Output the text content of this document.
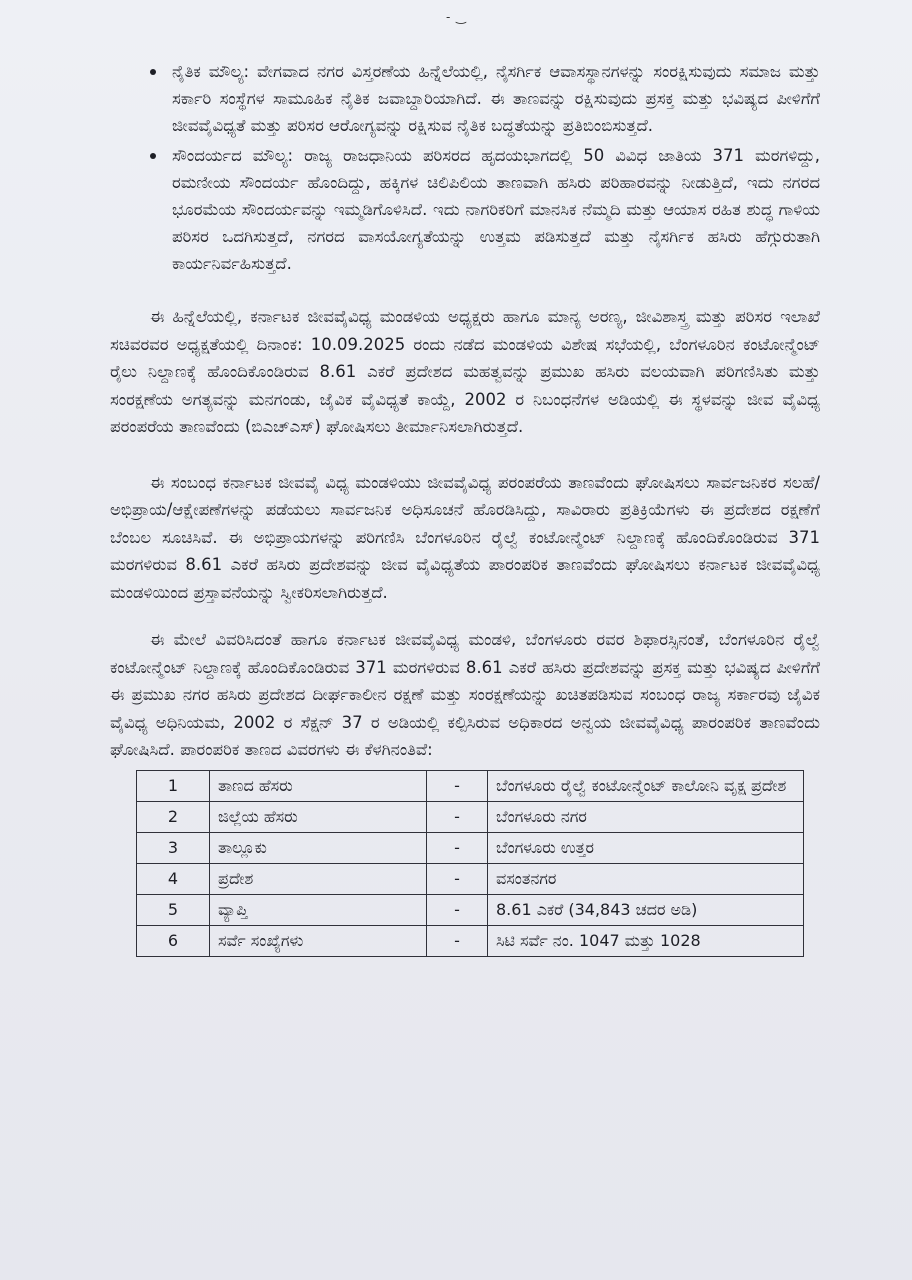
- ‿
ನೈತಿಕ ಮೌಲ್ಯ: ವೇಗವಾದ ನಗರ ವಿಸ್ತರಣೆಯ ಹಿನ್ನೆಲೆಯಲ್ಲಿ, ನೈಸರ್ಗಿಕ ಆವಾಸಸ್ಥಾನಗಳನ್ನು ಸಂರಕ್ಷಿಸುವುದು ಸಮಾಜ ಮತ್ತು ಸರ್ಕಾರಿ ಸಂಸ್ಥೆಗಳ ಸಾಮೂಹಿಕ ನೈತಿಕ ಜವಾಬ್ದಾರಿಯಾಗಿದೆ. ಈ ತಾಣವನ್ನು ರಕ್ಷಿಸುವುದು ಪ್ರಸಕ್ತ ಮತ್ತು ಭವಿಷ್ಯದ ಪೀಳಿಗೆಗೆ ಜೀವವೈವಿಧ್ಯತೆ ಮತ್ತು ಪರಿಸರ ಆರೋಗ್ಯವನ್ನು ರಕ್ಷಿಸುವ ನೈತಿಕ ಬದ್ಧತೆಯನ್ನು ಪ್ರತಿಬಿಂಬಿಸುತ್ತದೆ.
ಸೌಂದರ್ಯದ ಮೌಲ್ಯ: ರಾಜ್ಯ ರಾಜಧಾನಿಯ ಪರಿಸರದ ಹೃದಯಭಾಗದಲ್ಲಿ 50 ವಿವಿಧ ಜಾತಿಯ 371 ಮರಗಳಿದ್ದು, ರಮಣೀಯ ಸೌಂದರ್ಯ ಹೊಂದಿದ್ದು, ಹಕ್ಕಿಗಳ ಚಿಲಿಪಿಲಿಯ ತಾಣವಾಗಿ ಹಸಿರು ಪರಿಹಾರವನ್ನು ನೀಡುತ್ತಿದೆ, ಇದು ನಗರದ ಭೂರಮೆಯ ಸೌಂದರ್ಯವನ್ನು ಇಮ್ಮಡಿಗೊಳಿಸಿದೆ. ಇದು ನಾಗರಿಕರಿಗೆ ಮಾನಸಿಕ ನೆಮ್ಮದಿ ಮತ್ತು ಆಯಾಸ ರಹಿತ ಶುದ್ಧ ಗಾಳಿಯ ಪರಿಸರ ಒದಗಿಸುತ್ತದೆ, ನಗರದ ವಾಸಯೋಗ್ಯತೆಯನ್ನು ಉತ್ತಮ ಪಡಿಸುತ್ತದೆ ಮತ್ತು ನೈಸರ್ಗಿಕ ಹಸಿರು ಹೆಗ್ಗುರುತಾಗಿ ಕಾರ್ಯನಿರ್ವಹಿಸುತ್ತದೆ.

ಈ ಹಿನ್ನೆಲೆಯಲ್ಲಿ, ಕರ್ನಾಟಕ ಜೀವವೈವಿಧ್ಯ ಮಂಡಳಿಯ ಅಧ್ಯಕ್ಷರು ಹಾಗೂ ಮಾನ್ಯ ಅರಣ್ಯ, ಜೀವಿಶಾಸ್ತ್ರ ಮತ್ತು ಪರಿಸರ ಇಲಾಖೆ ಸಚಿವರವರ ಅಧ್ಯಕ್ಷತೆಯಲ್ಲಿ ದಿನಾಂಕ: 10.09.2025 ರಂದು ನಡೆದ ಮಂಡಳಿಯ ವಿಶೇಷ ಸಭೆಯಲ್ಲಿ, ಬೆಂಗಳೂರಿನ ಕಂಟೋನ್ಮೆಂಟ್ ರೈಲು ನಿಲ್ದಾಣಕ್ಕೆ ಹೊಂದಿಕೊಂಡಿರುವ 8.61 ಎಕರೆ ಪ್ರದೇಶದ ಮಹತ್ವವನ್ನು ಪ್ರಮುಖ ಹಸಿರು ವಲಯವಾಗಿ ಪರಿಗಣಿಸಿತು ಮತ್ತು ಸಂರಕ್ಷಣೆಯ ಅಗತ್ಯವನ್ನು ಮನಗಂಡು, ಜೈವಿಕ ವೈವಿಧ್ಯತೆ ಕಾಯ್ದೆ, 2002 ರ ನಿಬಂಧನೆಗಳ ಅಡಿಯಲ್ಲಿ ಈ ಸ್ಥಳವನ್ನು ಜೀವ ವೈವಿಧ್ಯ ಪರಂಪರೆಯ ತಾಣವೆಂದು (ಬಿಎಚ್‌ಎಸ್) ಘೋಷಿಸಲು ತೀರ್ಮಾನಿಸಲಾಗಿರುತ್ತದೆ.

ಈ ಸಂಬಂಧ ಕರ್ನಾಟಕ ಜೀವವೈ ವಿಧ್ಯ ಮಂಡಳಿಯು ಜೀವವೈವಿಧ್ಯ ಪರಂಪರೆಯ ತಾಣವೆಂದು ಘೋಷಿಸಲು ಸಾರ್ವಜನಿಕರ ಸಲಹೆ/ಅಭಿಪ್ರಾಯ/ಆಕ್ಷೇಪಣೆಗಳನ್ನು ಪಡೆಯಲು ಸಾರ್ವಜನಿಕ ಅಧಿಸೂಚನೆ ಹೊರಡಿಸಿದ್ದು, ಸಾವಿರಾರು ಪ್ರತಿಕ್ರಿಯೆಗಳು ಈ ಪ್ರದೇಶದ ರಕ್ಷಣೆಗೆ ಬೆಂಬಲ ಸೂಚಿಸಿವೆ. ಈ ಅಭಿಪ್ರಾಯಗಳನ್ನು ಪರಿಗಣಿಸಿ ಬೆಂಗಳೂರಿನ ರೈಲ್ವೆ ಕಂಟೋನ್ಮೆಂಟ್ ನಿಲ್ದಾಣಕ್ಕೆ ಹೊಂದಿಕೊಂಡಿರುವ 371 ಮರಗಳಿರುವ 8.61 ಎಕರೆ ಹಸಿರು ಪ್ರದೇಶವನ್ನು ಜೀವ ವೈವಿಧ್ಯತೆಯ ಪಾರಂಪರಿಕ ತಾಣವೆಂದು ಘೋಷಿಸಲು ಕರ್ನಾಟಕ ಜೀವವೈವಿಧ್ಯ ಮಂಡಳಿಯಿಂದ ಪ್ರಸ್ತಾವನೆಯನ್ನು ಸ್ವೀಕರಿಸಲಾಗಿರುತ್ತದೆ.

ಈ ಮೇಲೆ ವಿವರಿಸಿದಂತೆ ಹಾಗೂ ಕರ್ನಾಟಕ ಜೀವವೈವಿಧ್ಯ ಮಂಡಳಿ, ಬೆಂಗಳೂರು ರವರ ಶಿಫಾರಸ್ಸಿನಂತೆ, ಬೆಂಗಳೂರಿನ ರೈಲ್ವೆ ಕಂಟೋನ್ಮೆಂಟ್ ನಿಲ್ದಾಣಕ್ಕೆ ಹೊಂದಿಕೊಂಡಿರುವ 371 ಮರಗಳಿರುವ 8.61 ಎಕರೆ ಹಸಿರು ಪ್ರದೇಶವನ್ನು ಪ್ರಸಕ್ತ ಮತ್ತು ಭವಿಷ್ಯದ ಪೀಳಿಗೆಗೆ ಈ ಪ್ರಮುಖ ನಗರ ಹಸಿರು ಪ್ರದೇಶದ ದೀರ್ಘಕಾಲೀನ ರಕ್ಷಣೆ ಮತ್ತು ಸಂರಕ್ಷಣೆಯನ್ನು ಖಚಿತಪಡಿಸುವ ಸಂಬಂಧ ರಾಜ್ಯ ಸರ್ಕಾರವು ಜೈವಿಕ ವೈವಿಧ್ಯ ಅಧಿನಿಯಮ, 2002 ರ ಸೆಕ್ಷನ್ 37 ರ ಅಡಿಯಲ್ಲಿ ಕಲ್ಪಿಸಿರುವ ಅಧಿಕಾರದ ಅನ್ವಯ ಜೀವವೈವಿಧ್ಯ ಪಾರಂಪರಿಕ ತಾಣವೆಂದು ಘೋಷಿಸಿದೆ. ಪಾರಂಪರಿಕ ತಾಣದ ವಿವರಗಳು ಈ ಕೆಳಗಿನಂತಿವೆ:

1	ತಾಣದ ಹೆಸರು	-	ಬೆಂಗಳೂರು ರೈಲ್ವೆ ಕಂಟೋನ್ಮೆಂಟ್ ಕಾಲೋನಿ ವೃಕ್ಷ ಪ್ರದೇಶ
2	ಜಿಲ್ಲೆಯ ಹೆಸರು	-	ಬೆಂಗಳೂರು ನಗರ
3	ತಾಲ್ಲೂಕು	-	ಬೆಂಗಳೂರು ಉತ್ತರ
4	ಪ್ರದೇಶ	-	ವಸಂತನಗರ
5	ವ್ಯಾಪ್ತಿ	-	8.61 ಎಕರೆ (34,843 ಚದರ ಅಡಿ)
6	ಸರ್ವೆ ಸಂಖ್ಯೆಗಳು	-	ಸಿಟಿ ಸರ್ವೆ ನಂ. 1047 ಮತ್ತು 1028
